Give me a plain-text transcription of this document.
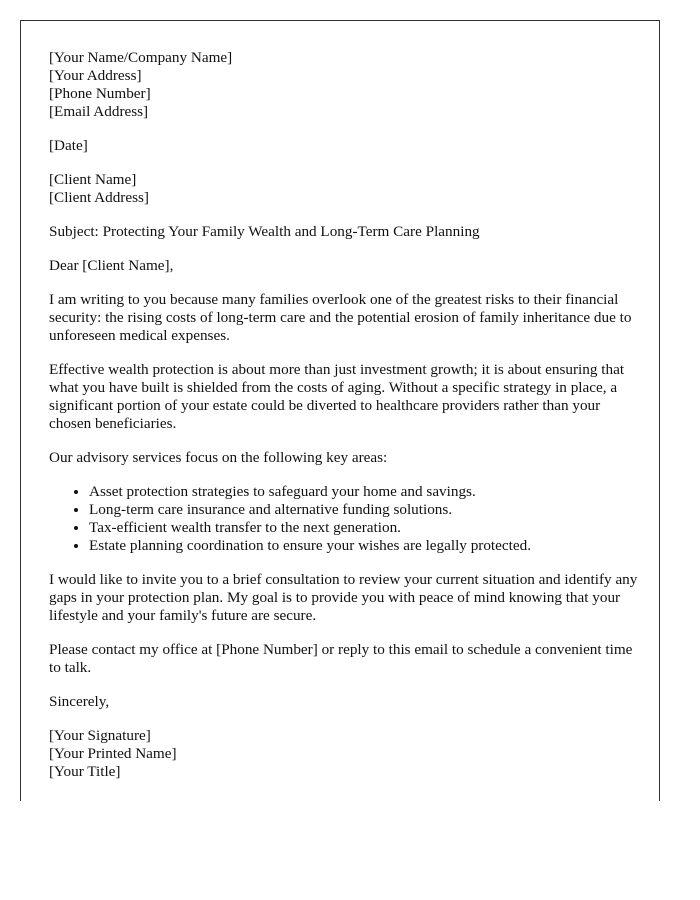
[Your Name/Company Name]
[Your Address]
[Phone Number]
[Email Address]

[Date]

[Client Name]
[Client Address]

Subject: Protecting Your Family Wealth and Long-Term Care Planning

Dear [Client Name],

I am writing to you because many families overlook one of the greatest risks to their financial security: the rising costs of long-term care and the potential erosion of family inheritance due to unforeseen medical expenses.

Effective wealth protection is about more than just investment growth; it is about ensuring that what you have built is shielded from the costs of aging. Without a specific strategy in place, a significant portion of your estate could be diverted to healthcare providers rather than your chosen beneficiaries.

Our advisory services focus on the following key areas:

• Asset protection strategies to safeguard your home and savings.
• Long-term care insurance and alternative funding solutions.
• Tax-efficient wealth transfer to the next generation.
• Estate planning coordination to ensure your wishes are legally protected.

I would like to invite you to a brief consultation to review your current situation and identify any gaps in your protection plan. My goal is to provide you with peace of mind knowing that your lifestyle and your family's future are secure.

Please contact my office at [Phone Number] or reply to this email to schedule a convenient time to talk.

Sincerely,

[Your Signature]
[Your Printed Name]
[Your Title]
